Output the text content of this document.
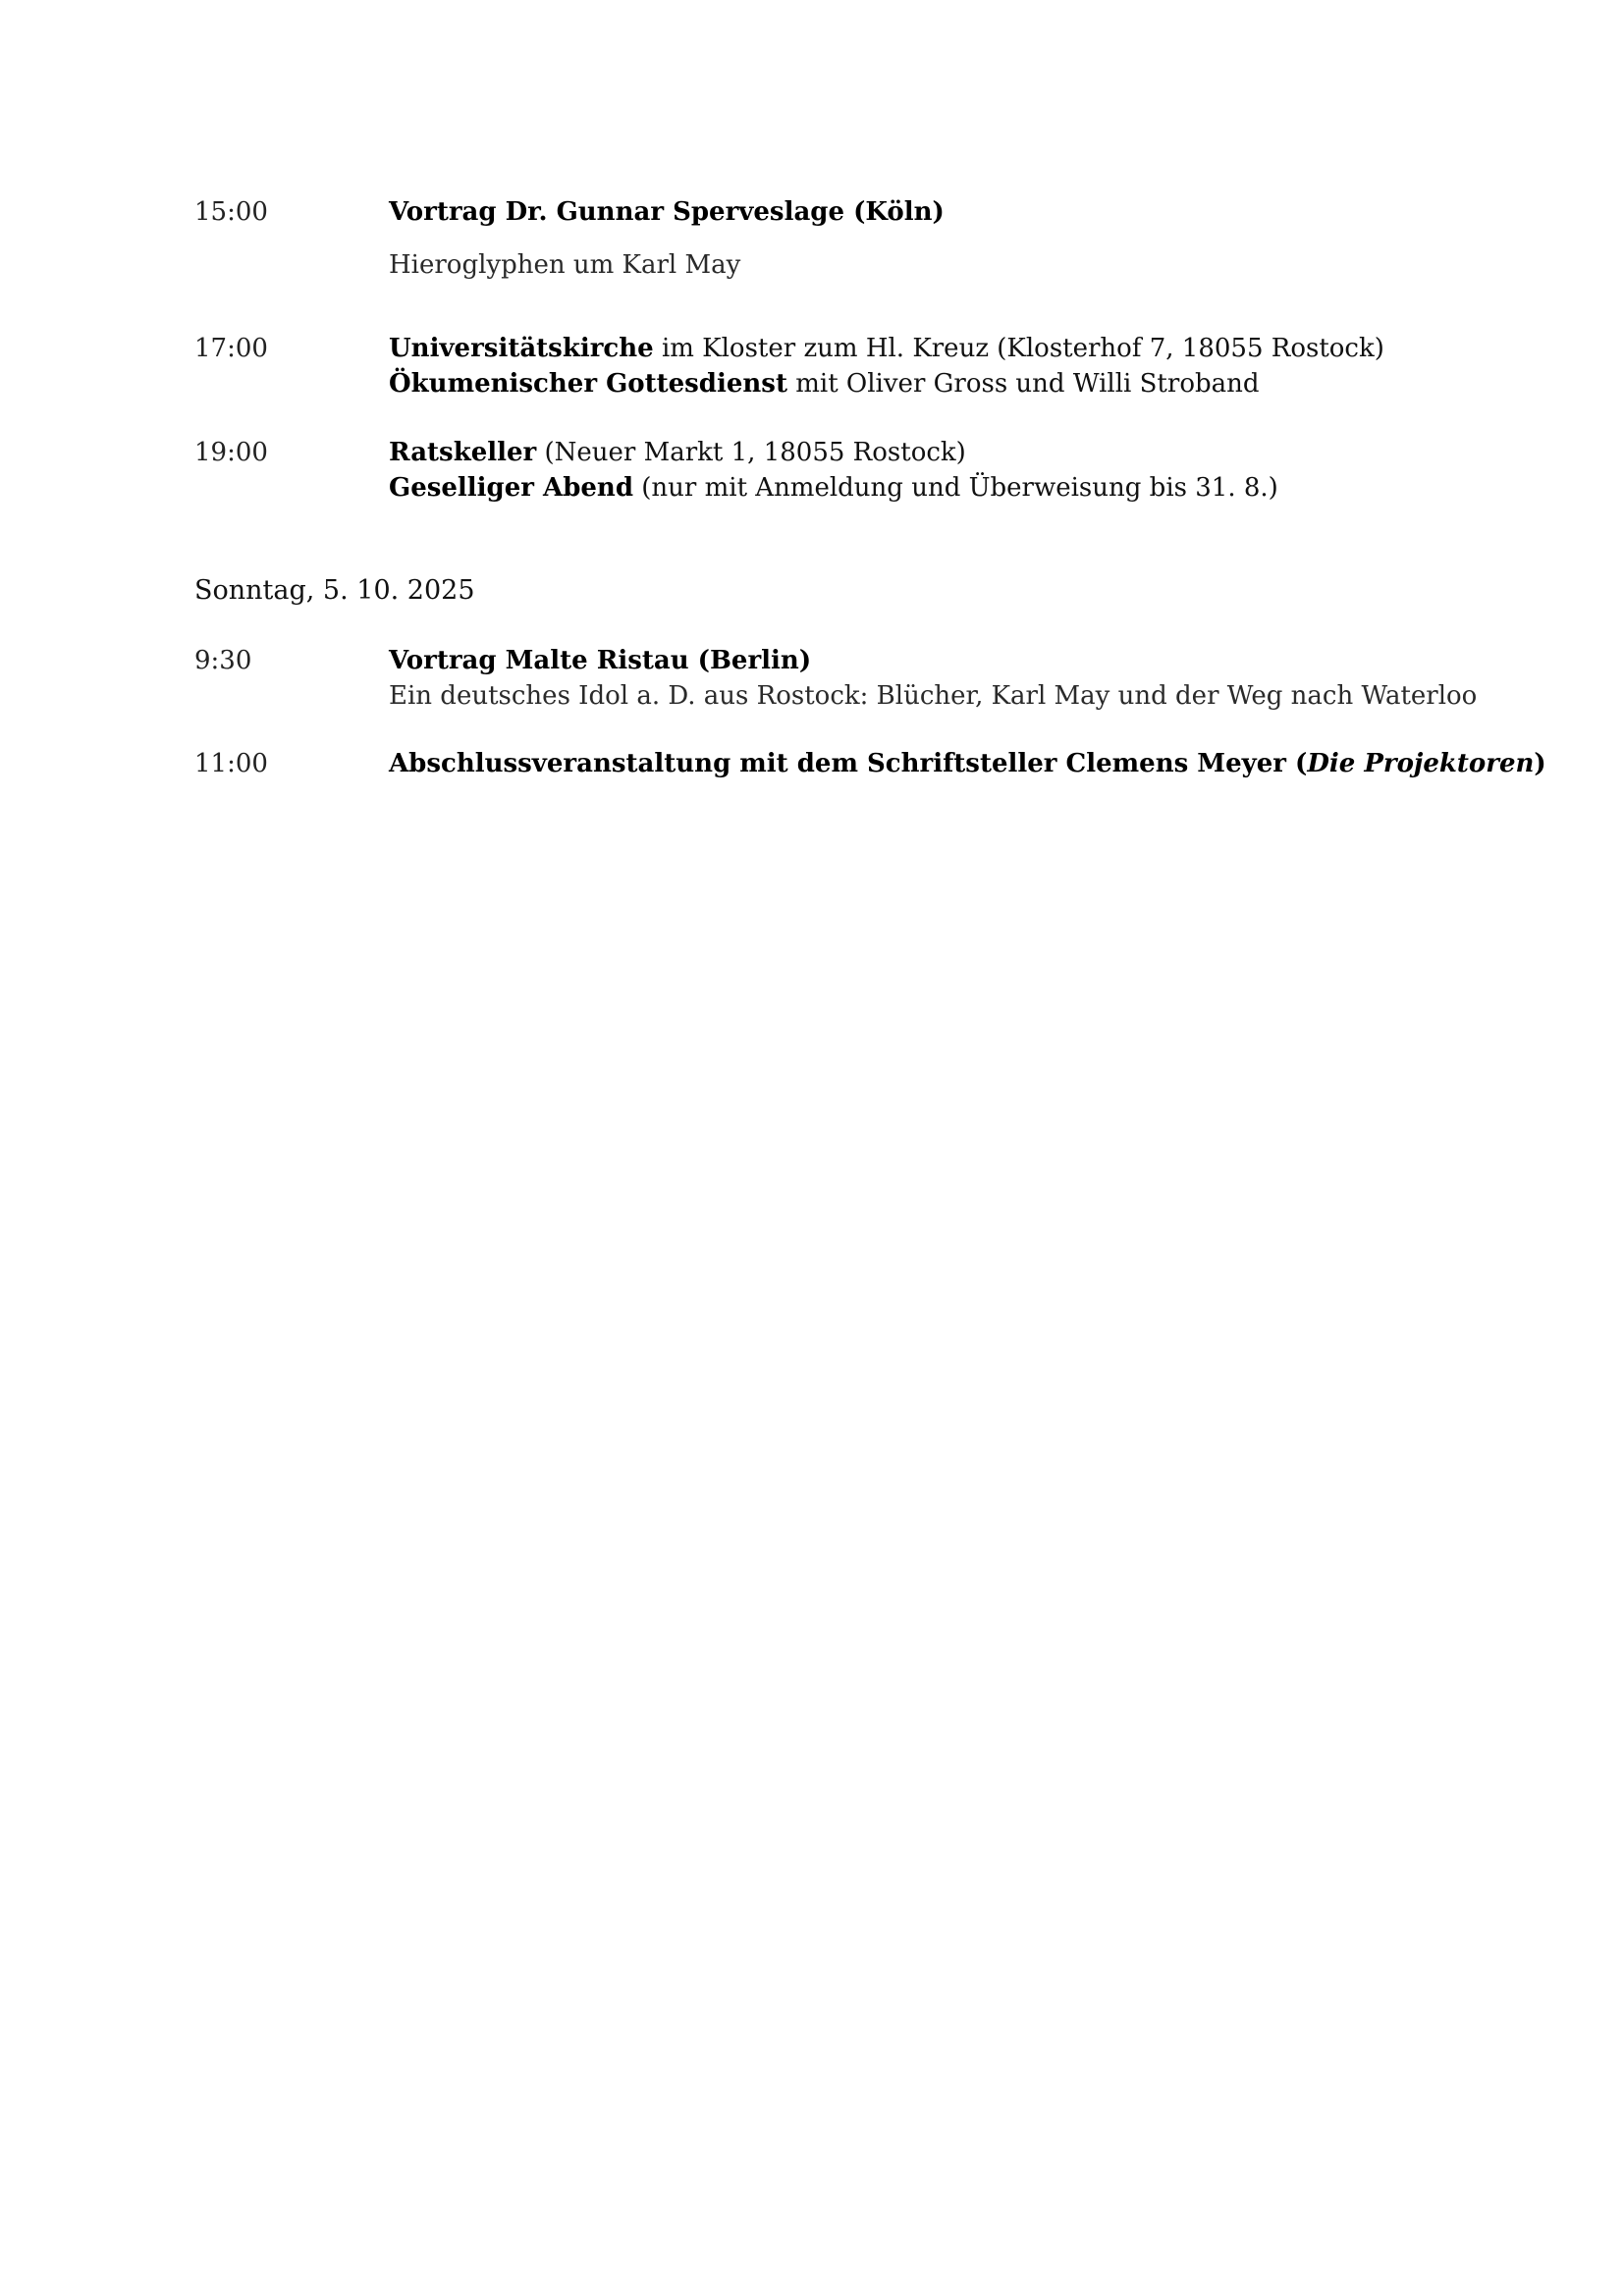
15:00	Vortrag Dr. Gunnar Sperveslage (Köln)
Hieroglyphen um Karl May
17:00	Universitätskirche im Kloster zum Hl. Kreuz (Klosterhof 7, 18055 Rostock)
Ökumenischer Gottesdienst mit Oliver Gross und Willi Stroband
19:00	Ratskeller (Neuer Markt 1, 18055 Rostock)
Geselliger Abend (nur mit Anmeldung und Überweisung bis 31. 8.)
Sonntag, 5. 10. 2025
9:30	Vortrag Malte Ristau (Berlin)
Ein deutsches Idol a. D. aus Rostock: Blücher, Karl May und der Weg nach Waterloo
11:00	Abschlussveranstaltung mit dem Schriftsteller Clemens Meyer (Die Projektoren)
